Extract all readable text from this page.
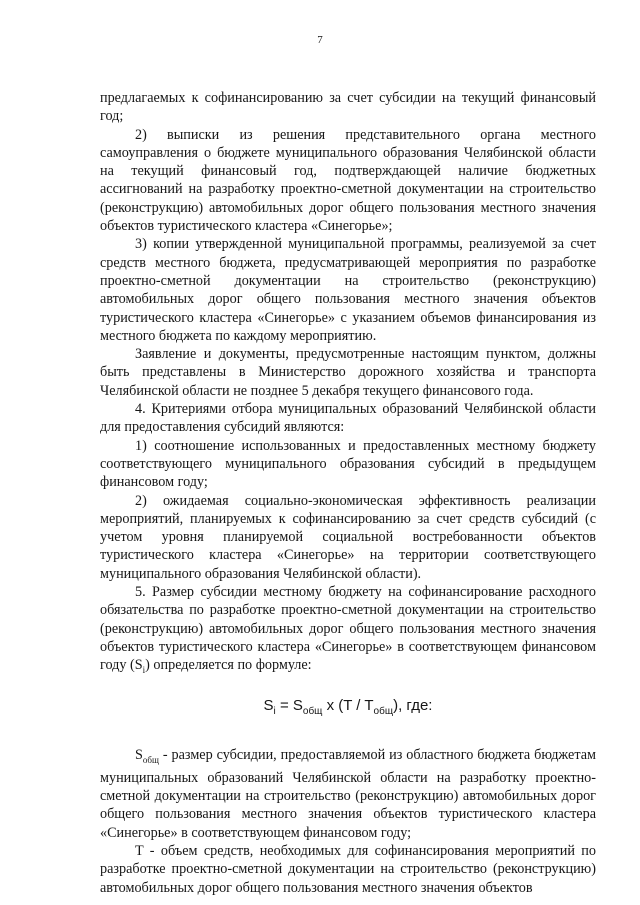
7

предлагаемых к софинансированию за счет субсидии на текущий финансовый год;

2) выписки из решения представительного органа местного самоуправления о бюджете муниципального образования Челябинской области на текущий финансовый год, подтверждающей наличие бюджетных ассигнований на разработку проектно-сметной документации на строительство (реконструкцию) автомобильных дорог общего пользования местного значения объектов туристического кластера «Синегорье»;

3) копии утвержденной муниципальной программы, реализуемой за счет средств местного бюджета, предусматривающей мероприятия по разработке проектно-сметной документации на строительство (реконструкцию) автомобильных дорог общего пользования местного значения объектов туристического кластера «Синегорье» с указанием объемов финансирования из местного бюджета по каждому мероприятию.

Заявление и документы, предусмотренные настоящим пунктом, должны быть представлены в Министерство дорожного хозяйства и транспорта Челябинской области не позднее 5 декабря текущего финансового года.

4. Критериями отбора муниципальных образований Челябинской области для предоставления субсидий являются:

1) соотношение использованных и предоставленных местному бюджету соответствующего муниципального образования субсидий в предыдущем финансовом году;

2) ожидаемая социально-экономическая эффективность реализации мероприятий, планируемых к софинансированию за счет средств субсидий (с учетом уровня планируемой социальной востребованности объектов туристического кластера «Синегорье» на территории соответствующего муниципального образования Челябинской области).

5. Размер субсидии местному бюджету на софинансирование расходного обязательства по разработке проектно-сметной документации на строительство (реконструкцию) автомобильных дорог общего пользования местного значения объектов туристического кластера «Синегорье» в соответствующем финансовом году $(S_i)$ определяется по формуле:

$S_i = S_{общ}$ x $(T / T_{общ})$, где:

$S_{общ}$ - размер субсидии, предоставляемой из областного бюджета бюджетам муниципальных образований Челябинской области на разработку проектно-сметной документации на строительство (реконструкцию) автомобильных дорог общего пользования местного значения объектов туристического кластера «Синегорье» в соответствующем финансовом году;

T - объем средств, необходимых для софинансирования мероприятий по разработке проектно-сметной документации на строительство (реконструкцию) автомобильных дорог общего пользования местного значения объектов
